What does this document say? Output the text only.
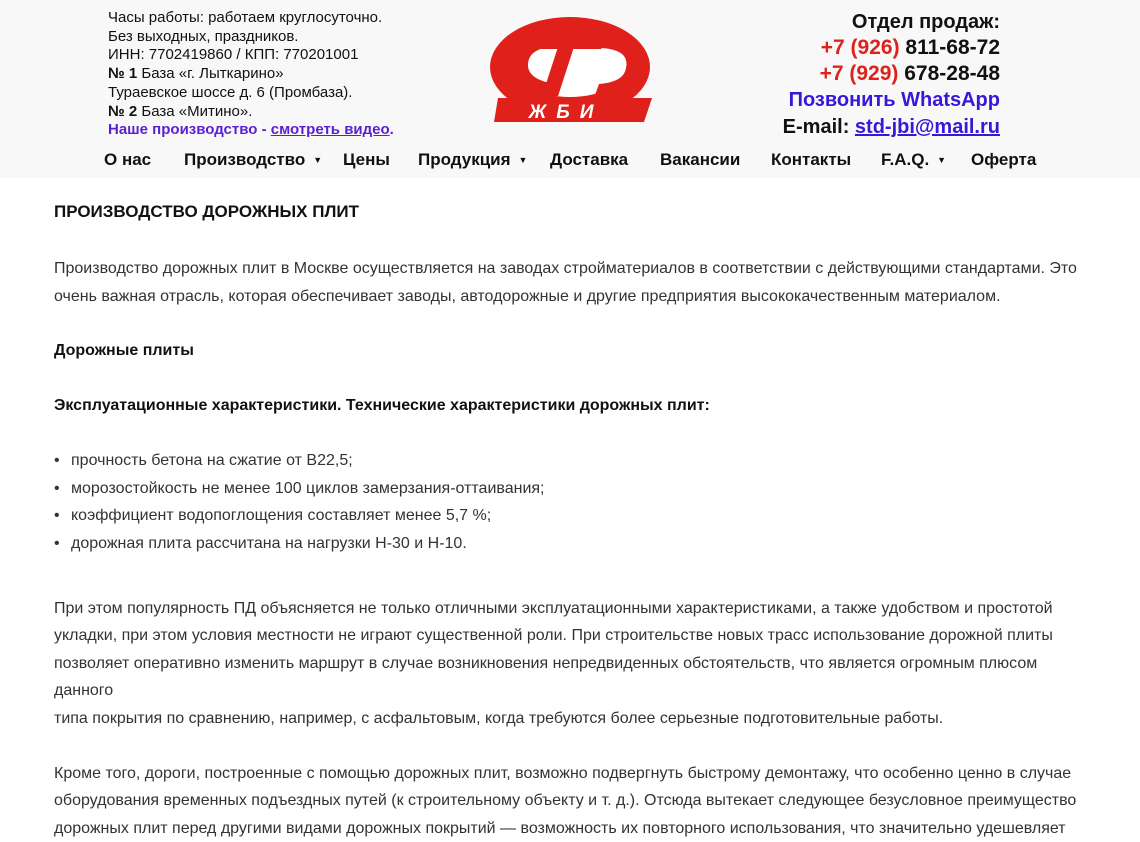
Часы работы: работаем круглосуточно.
Без выходных, праздников.
ИНН: 7702419860 / КПП: 770201001
№ 1 База «г. Лыткарино»
Тураевское шоссе д. 6 (Промбаза).
№ 2 База «Митино».
Наше производство - смотреть видео.
ЖБИ
Отдел продаж:
+7 (926) 811-68-72
+7 (929) 678-28-48
Позвонить WhatsApp
E-mail: std-jbi@mail.ru
О нас Производство ▼ Цены Продукция ▼ Доставка Вакансии Контакты F.A.Q. ▼ Оферта
ПРОИЗВОДСТВО ДОРОЖНЫХ ПЛИТ

Производство дорожных плит в Москве осуществляется на заводах стройматериалов в соответствии с действующими стандартами. Это
очень важная отрасль, которая обеспечивает заводы, автодорожные и другие предприятия высококачественным материалом.

Дорожные плиты

Эксплуатационные характеристики. Технические характеристики дорожных плит:

• прочность бетона на сжатие от B22,5;
• морозостойкость не менее 100 циклов замерзания-оттаивания;
• коэффициент водопоглощения составляет менее 5,7 %;
• дорожная плита рассчитана на нагрузки Н-30 и Н-10.

При этом популярность ПД объясняется не только отличными эксплуатационными характеристиками, а также удобством и простотой
укладки, при этом условия местности не играют существенной роли. При строительстве новых трасс использование дорожной плиты
позволяет оперативно изменить маршрут в случае возникновения непредвиденных обстоятельств, что является огромным плюсом данного
типа покрытия по сравнению, например, с асфальтовым, когда требуются более серьезные подготовительные работы.

Кроме того, дороги, построенные с помощью дорожных плит, возможно подвергнуть быстрому демонтажу, что особенно ценно в случае
оборудования временных подъездных путей (к строительному объекту и т. д.). Отсюда вытекает следующее безусловное преимущество
дорожных плит перед другими видами дорожных покрытий — возможность их повторного использования, что значительно удешевляет
